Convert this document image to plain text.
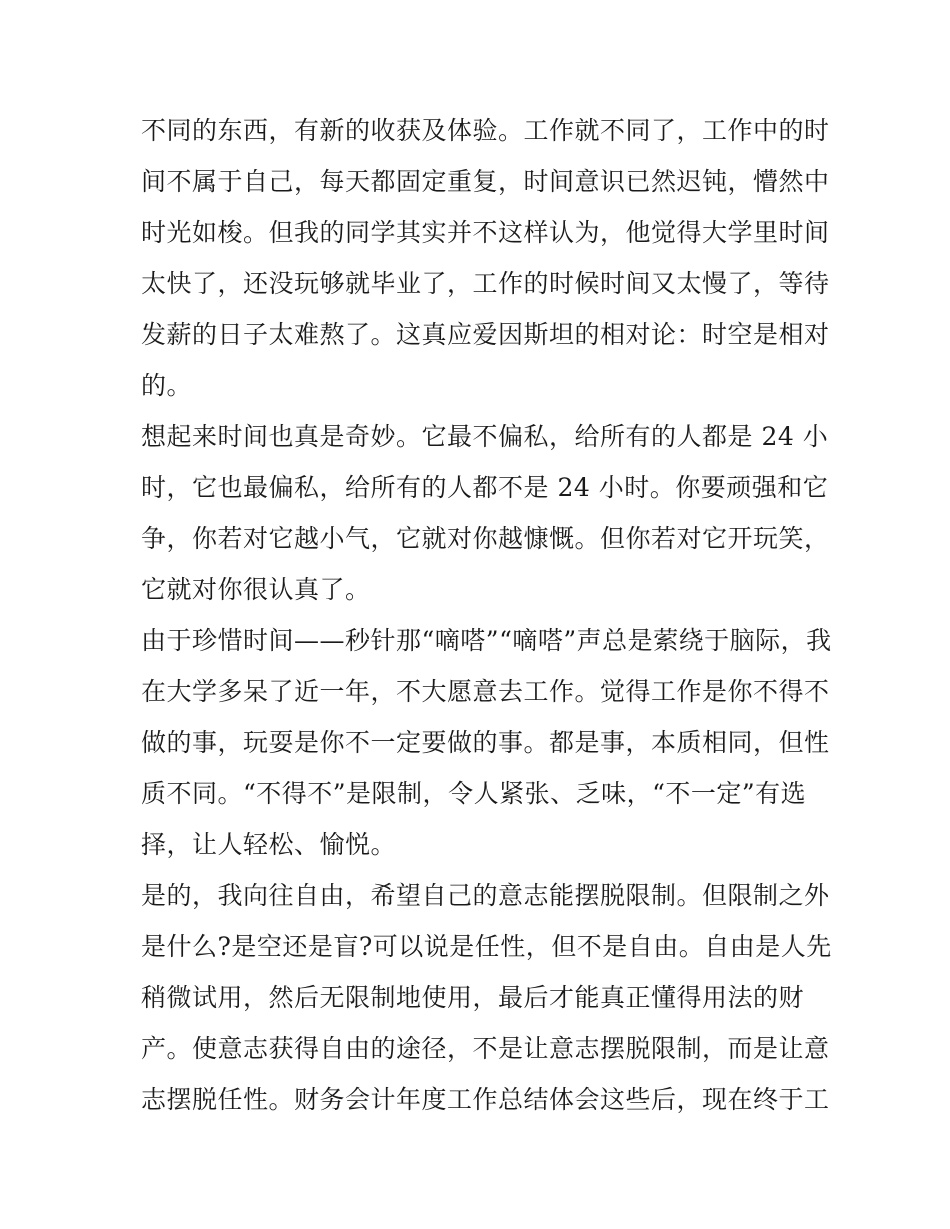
不同的东西，有新的收获及体验。工作就不同了，工作中的时
间不属于自己，每天都固定重复，时间意识已然迟钝，懵然中
时光如梭。但我的同学其实并不这样认为，他觉得大学里时间
太快了，还没玩够就毕业了，工作的时候时间又太慢了，等待
发薪的日子太难熬了。这真应爱因斯坦的相对论：时空是相对
的。
想起来时间也真是奇妙。它最不偏私，给所有的人都是 24 小
时，它也最偏私，给所有的人都不是 24 小时。你要顽强和它
争，你若对它越小气，它就对你越慷慨。但你若对它开玩笑，
它就对你很认真了。
由于珍惜时间——秒针那“嘀嗒”“嘀嗒”声总是萦绕于脑际，我
在大学多呆了近一年，不大愿意去工作。觉得工作是你不得不
做的事，玩耍是你不一定要做的事。都是事，本质相同，但性
质不同。“不得不”是限制，令人紧张、乏味，“不一定”有选
择，让人轻松、愉悦。
是的，我向往自由，希望自己的意志能摆脱限制。但限制之外
是什么?是空还是盲?可以说是任性，但不是自由。自由是人先
稍微试用，然后无限制地使用，最后才能真正懂得用法的财
产。使意志获得自由的途径，不是让意志摆脱限制，而是让意
志摆脱任性。财务会计年度工作总结体会这些后，现在终于工
